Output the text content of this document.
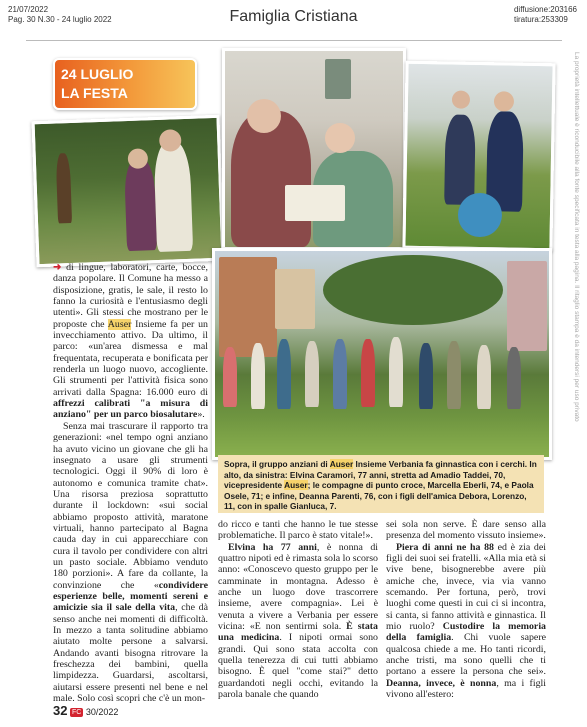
21/07/2022
Pag. 30 N.30 - 24 luglio 2022	Famiglia Cristiana	diffusione:203166
tiratura:253309
La proprietà intellettuale è riconducibile alla fonte specificata in testa alla pagina. Il ritaglio stampa è da intendersi per uso privato
24 LUGLIO
LA FESTA
Sopra, il gruppo anziani di Auser Insieme Verbania fa ginnastica con i cerchi. In alto, da sinistra: Elvina Caramori, 77 anni, stretta ad Amadio Taddei, 70, vicepresidente Auser; le compagne di punto croce, Marcella Eberli, 74, e Paola Osele, 71; e infine, Deanna Parenti, 76, con i figli dell'amica Debora, Lorenzo, 11, con in spalle Gianluca, 7.

➜ di lingue, laboratori, carte, bocce, danza popolare. Il Comune ha messo a disposizione, gratis, le sale, il resto lo fanno la curiosità e l'entusiasmo degli utenti». Gli stessi che mostrano per le proposte che Auser Insieme fa per un invecchiamento attivo. Da ultimo, il parco: «un'area dismessa e mal frequentata, recuperata e bonificata per renderla un luogo nuovo, accogliente. Gli strumenti per l'attività fisica sono arrivati dalla Spagna: 16.000 euro di affrezzi calibrati "a misura di anziano" per un parco biosalutare».

Senza mai trascurare il rapporto tra generazioni: «nel tempo ogni anziano ha avuto vicino un giovane che gli ha insegnato a usare gli strumenti tecnologici. Oggi il 90% di loro è autonomo e comunica tramite chat». Una risorsa preziosa soprattutto durante il lockdown: «sui social abbiamo proposto attività, maratone virtuali, hanno partecipato al Bagna cauda day in cui apparecchiare con cura il tavolo per condividere con altri un pasto sociale. Abbiamo venduto 180 porzioni». A fare da collante, la convinzione che «condividere esperienze belle, momenti sereni e amicizie sia il sale della vita, che dà senso anche nei momenti di difficoltà. In mezzo a tanta solitudine abbiamo aiutato molte persone a salvarsi. Andando avanti bisogna ritrovare la freschezza dei bambini, quella limpidezza. Guardarsi, ascoltarsi, aiutarsi essere presenti nel bene e nel male. Solo così scopri che c'è un mon-

do ricco e tanti che hanno le tue stesse problematiche. Il parco è stato vitale!».

Elvina ha 77 anni, è nonna di quattro nipoti ed è rimasta sola lo scorso anno: «Conoscevo questo gruppo per le camminate in montagna. Adesso è anche un luogo dove trascorrere insieme, avere compagnia». Lei è venuta a vivere a Verbania per essere vicina: «E non sentirmi sola. È stata una medicina. I nipoti ormai sono grandi. Qui sono stata accolta con quella tenerezza di cui tutti abbiamo bisogno. È quel "come stai?" detto guardandoti negli occhi, evitando la parola banale che quando

sei sola non serve. È dare senso alla presenza del momento vissuto insieme».

Piera di anni ne ha 88 ed è zia dei figli dei suoi sei fratelli. «Alla mia età si vive bene, bisognerebbe avere più amiche che, invece, via via vanno scemando. Per fortuna, però, trovi luoghi come questi in cui ci si incontra, si canta, si fanno attività e ginnastica. Il mio ruolo? Custodire la memoria della famiglia. Chi vuole sapere qualcosa chiede a me. Ho tanti ricordi, anche tristi, ma sono quelli che ti portano a essere la persona che sei». Deanna, invece, è nonna, ma i figli vivono all'estero:

32 FC 30/2022
